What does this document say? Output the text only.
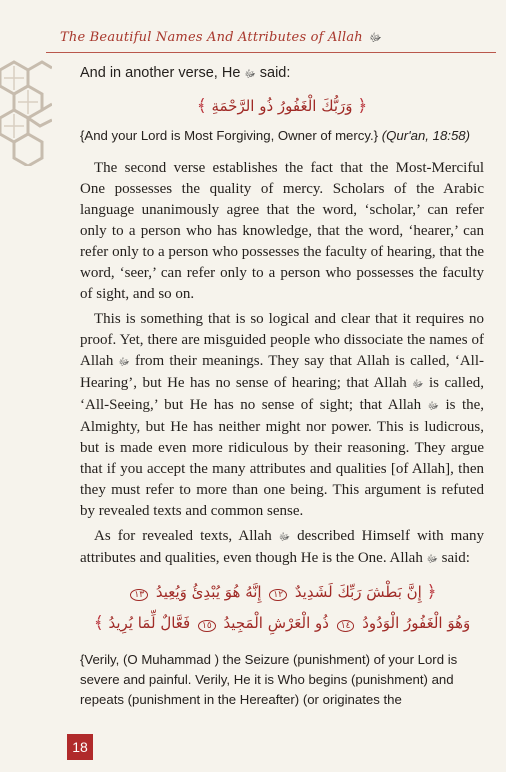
The Beautiful Names And Attributes of Allah ﷻ

And in another verse, He ﷻ said:

﴿ وَرَبُّكَ الْغَفُورُ ذُو الرَّحْمَةِ ﴾

{And your Lord is Most Forgiving, Owner of mercy.} (Qur'an, 18:58)

The second verse establishes the fact that the Most-Merciful One possesses the quality of mercy. Scholars of the Arabic language unanimously agree that the word, ‘scholar,’ can refer only to a person who has knowledge, that the word, ‘hearer,’ can refer only to a person who possesses the faculty of hearing, that the word, ‘seer,’ can refer only to a person who possesses the faculty of sight, and so on.

This is something that is so logical and clear that it requires no proof. Yet, there are misguided people who dissociate the names of Allah ﷻ from their meanings. They say that Allah is called, ‘All-Hearing’, but He has no sense of hearing; that Allah ﷻ is called, ‘All-Seeing,’ but He has no sense of sight; that Allah ﷻ is the, Almighty, but He has neither might nor power. This is ludicrous, but is made even more ridiculous by their reasoning. They argue that if you accept the many attributes and qualities [of Allah], then they must refer to more than one being. This argument is refuted by revealed texts and common sense.

As for revealed texts, Allah ﷻ described Himself with many attributes and qualities, even though He is the One. Allah ﷻ said:

﴿ إِنَّ بَطْشَ رَبِّكَ لَشَدِيدٌ ١٢ إِنَّهُ هُوَ يُبْدِئُ وَيُعِيدُ ١٣
وَهُوَ الْغَفُورُ الْوَدُودُ ١٤ ذُو الْعَرْشِ الْمَجِيدُ ١٥ فَعَّالٌ لِّمَا يُرِيدُ ﴾

{Verily, (O Muhammad ) the Seizure (punishment) of your Lord is severe and painful. Verily, He it is Who begins (punishment) and repeats (punishment in the Hereafter) (or originates the

18
